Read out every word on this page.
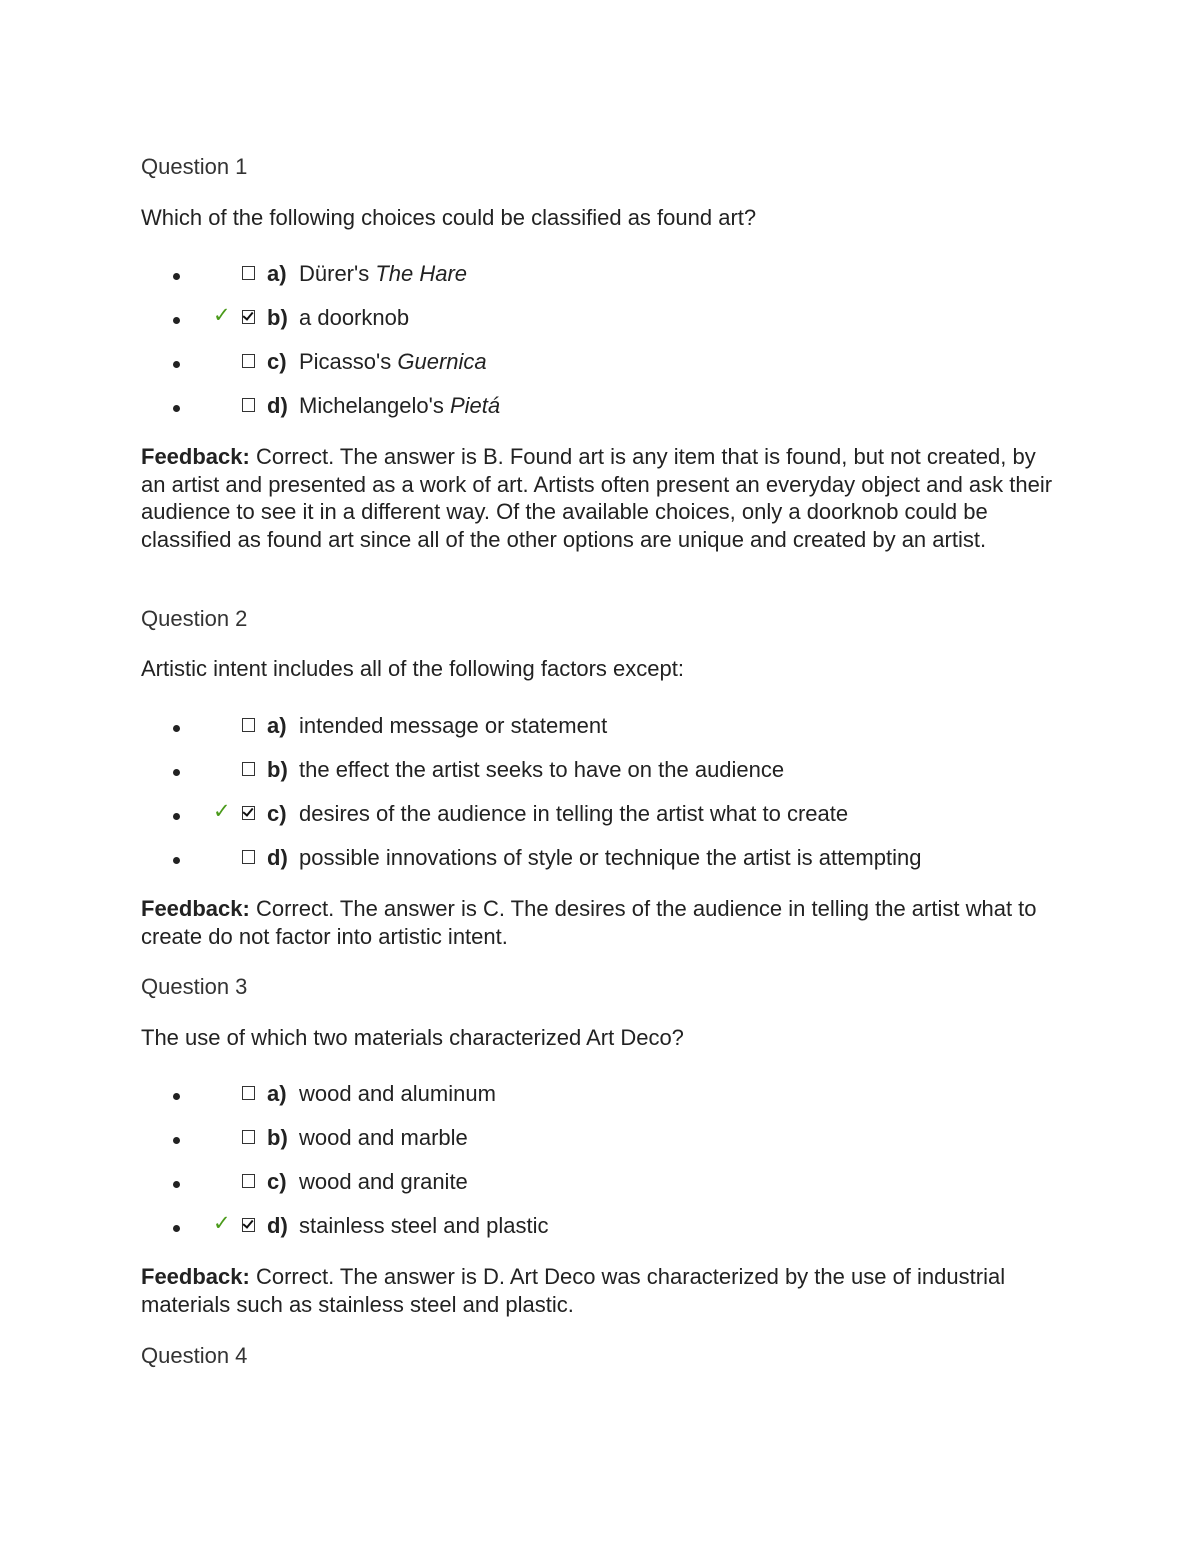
Question 1
Which of the following choices could be classified as found art?
a) Dürer's The Hare
✓ b) a doorknob
c) Picasso's Guernica
d) Michelangelo's Pietá
Feedback: Correct. The answer is B. Found art is any item that is found, but not created, by an artist and presented as a work of art. Artists often present an everyday object and ask their audience to see it in a different way. Of the available choices, only a doorknob could be classified as found art since all of the other options are unique and created by an artist.
Question 2
Artistic intent includes all of the following factors except:
a) intended message or statement
b) the effect the artist seeks to have on the audience
✓ c) desires of the audience in telling the artist what to create
d) possible innovations of style or technique the artist is attempting
Feedback: Correct. The answer is C. The desires of the audience in telling the artist what to create do not factor into artistic intent.
Question 3
The use of which two materials characterized Art Deco?
a) wood and aluminum
b) wood and marble
c) wood and granite
✓ d) stainless steel and plastic
Feedback: Correct. The answer is D. Art Deco was characterized by the use of industrial materials such as stainless steel and plastic.
Question 4
